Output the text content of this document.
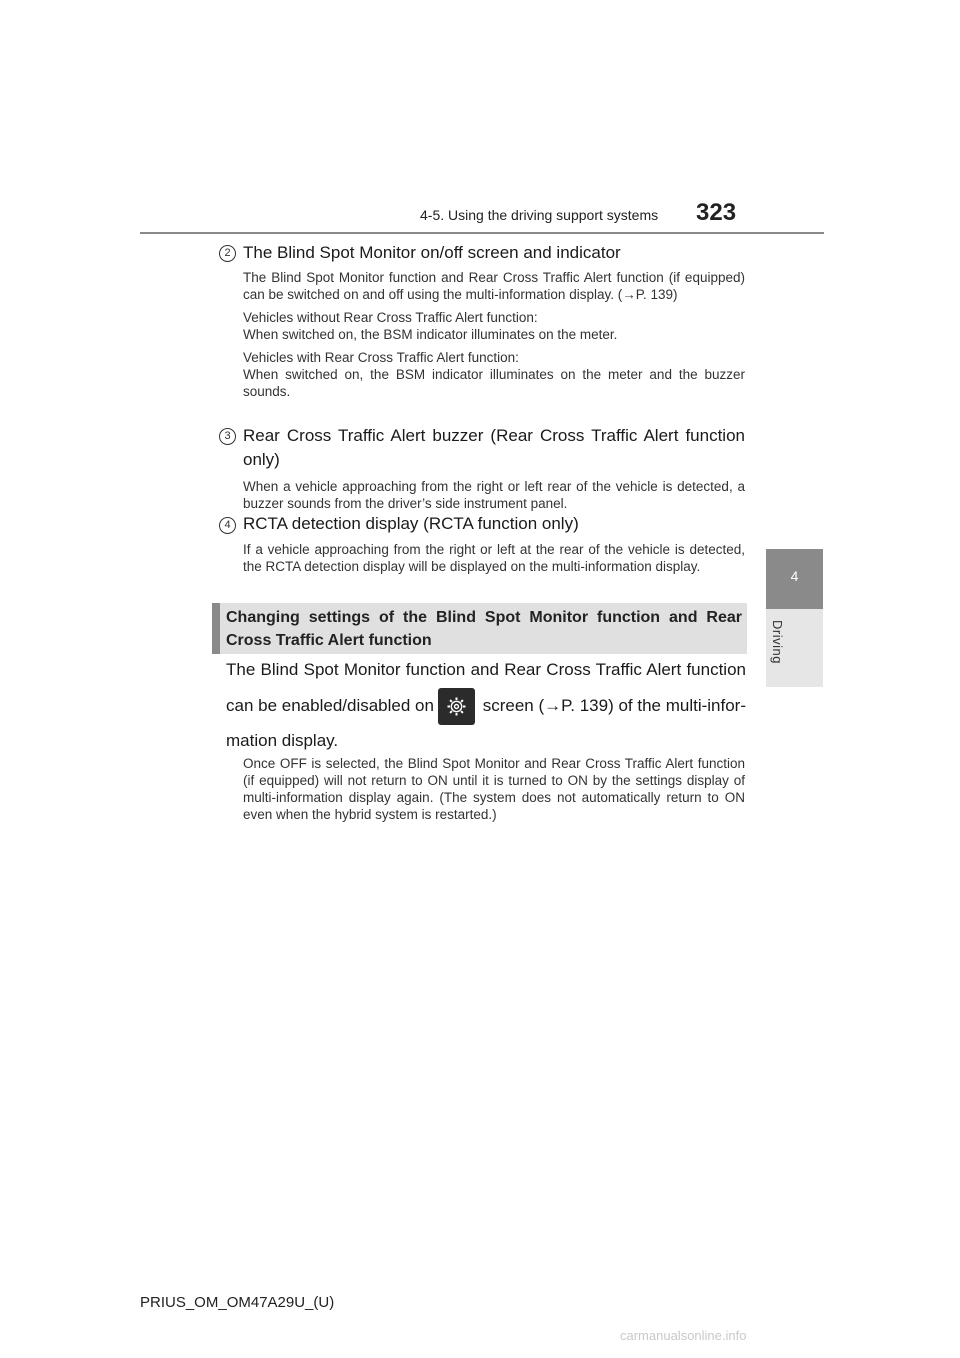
4-5. Using the driving support systems 323
4
Driving
2 The Blind Spot Monitor on/off screen and indicator

The Blind Spot Monitor function and Rear Cross Traffic Alert function (if equipped) can be switched on and off using the multi-information display. (→P. 139)

Vehicles without Rear Cross Traffic Alert function:
When switched on, the BSM indicator illuminates on the meter.

Vehicles with Rear Cross Traffic Alert function:
When switched on, the BSM indicator illuminates on the meter and the buzzer sounds.

3 Rear Cross Traffic Alert buzzer (Rear Cross Traffic Alert function only)

When a vehicle approaching from the right or left rear of the vehicle is detected, a buzzer sounds from the driver’s side instrument panel.

4 RCTA detection display (RCTA function only)

If a vehicle approaching from the right or left at the rear of the vehicle is detected, the RCTA detection display will be displayed on the multi-information display.

Changing settings of the Blind Spot Monitor function and Rear Cross Traffic Alert function
The Blind Spot Monitor function and Rear Cross Traffic Alert function
can be enabled/disabled on	screen (→P. 139) of the multi-infor-
mation display.
Once OFF is selected, the Blind Spot Monitor and Rear Cross Traffic Alert function (if equipped) will not return to ON until it is turned to ON by the settings display of multi-information display again. (The system does not automatically return to ON even when the hybrid system is restarted.)
PRIUS_OM_OM47A29U_(U)
carmanualsonline.info
